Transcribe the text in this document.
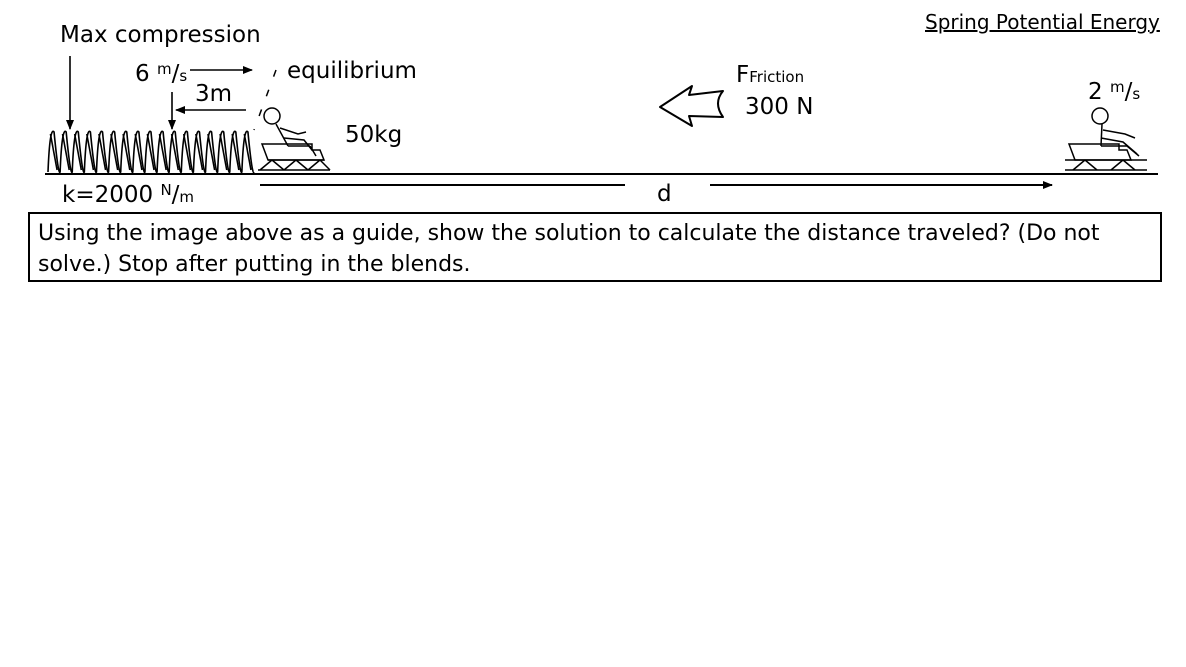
Spring Potential Energy
Max compression
6 $^m$/s
3m
equilibrium
50kg
k=2000 $^N$/m	d
FFriction
300 N
2 $^m$/s
Using the image above as a guide, show the solution to calculate the distance traveled? (Do not solve.) Stop after putting in the blends.
